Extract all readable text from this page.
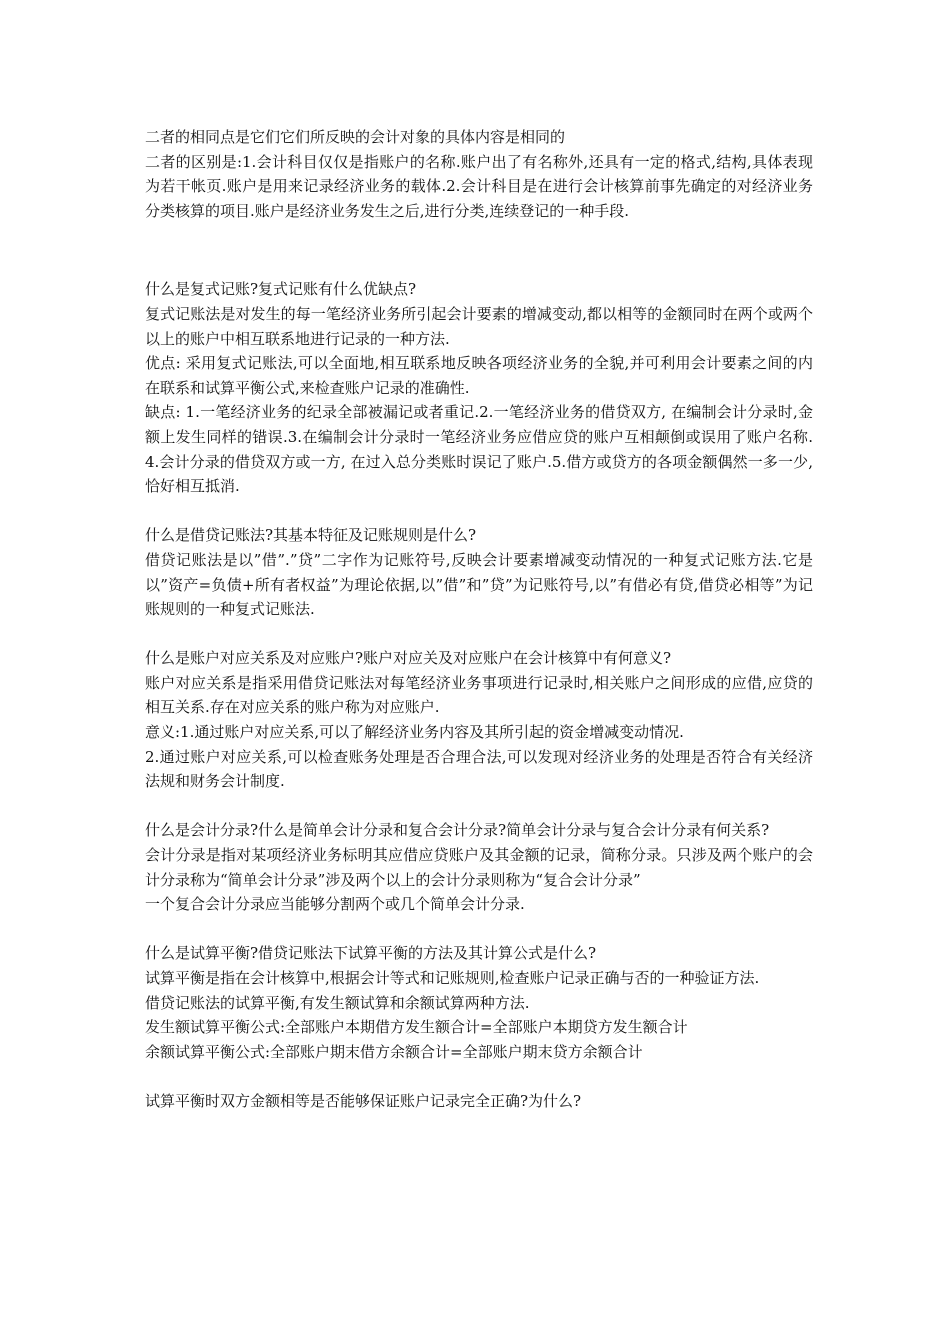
二者的相同点是它们它们所反映的会计对象的具体内容是相同的
二者的区别是:1.会计科目仅仅是指账户的名称.账户出了有名称外,还具有一定的格式,结构,具体表现为若干帐页.账户是用来记录经济业务的载体.2.会计科目是在进行会计核算前事先确定的对经济业务分类核算的项目.账户是经济业务发生之后,进行分类,连续登记的一种手段.
什么是复式记账?复式记账有什么优缺点?
复式记账法是对发生的每一笔经济业务所引起会计要素的增减变动,都以相等的金额同时在两个或两个以上的账户中相互联系地进行记录的一种方法.
优点: 采用复式记账法,可以全面地,相互联系地反映各项经济业务的全貌,并可利用会计要素之间的内在联系和试算平衡公式,来检查账户记录的准确性.
缺点: 1.一笔经济业务的纪录全部被漏记或者重记.2.一笔经济业务的借贷双方, 在编制会计分录时,金额上发生同样的错误.3.在编制会计分录时一笔经济业务应借应贷的账户互相颠倒或误用了账户名称.4.会计分录的借贷双方或一方, 在过入总分类账时误记了账户.5.借方或贷方的各项金额偶然一多一少, 恰好相互抵消.
什么是借贷记账法?其基本特征及记账规则是什么?
借贷记账法是以”借”.”贷”二字作为记账符号,反映会计要素增减变动情况的一种复式记账方法.它是以”资产=负债+所有者权益”为理论依据,以”借”和”贷”为记账符号,以”有借必有贷,借贷必相等”为记账规则的一种复式记账法.
什么是账户对应关系及对应账户?账户对应关及对应账户在会计核算中有何意义?
账户对应关系是指采用借贷记账法对每笔经济业务事项进行记录时,相关账户之间形成的应借,应贷的相互关系.存在对应关系的账户称为对应账户.
意义:1.通过账户对应关系,可以了解经济业务内容及其所引起的资金增减变动情况.
2.通过账户对应关系,可以检查账务处理是否合理合法,可以发现对经济业务的处理是否符合有关经济法规和财务会计制度.
什么是会计分录?什么是简单会计分录和复合会计分录?简单会计分录与复合会计分录有何关系?
会计分录是指对某项经济业务标明其应借应贷账户及其金额的记录，简称分录。只涉及两个账户的会计分录称为“简单会计分录”涉及两个以上的会计分录则称为“复合会计分录”
一个复合会计分录应当能够分割两个或几个简单会计分录.
什么是试算平衡?借贷记账法下试算平衡的方法及其计算公式是什么?
试算平衡是指在会计核算中,根据会计等式和记账规则,检查账户记录正确与否的一种验证方法.
借贷记账法的试算平衡,有发生额试算和余额试算两种方法.
发生额试算平衡公式:全部账户本期借方发生额合计=全部账户本期贷方发生额合计
余额试算平衡公式:全部账户期末借方余额合计=全部账户期末贷方余额合计
试算平衡时双方金额相等是否能够保证账户记录完全正确?为什么?
